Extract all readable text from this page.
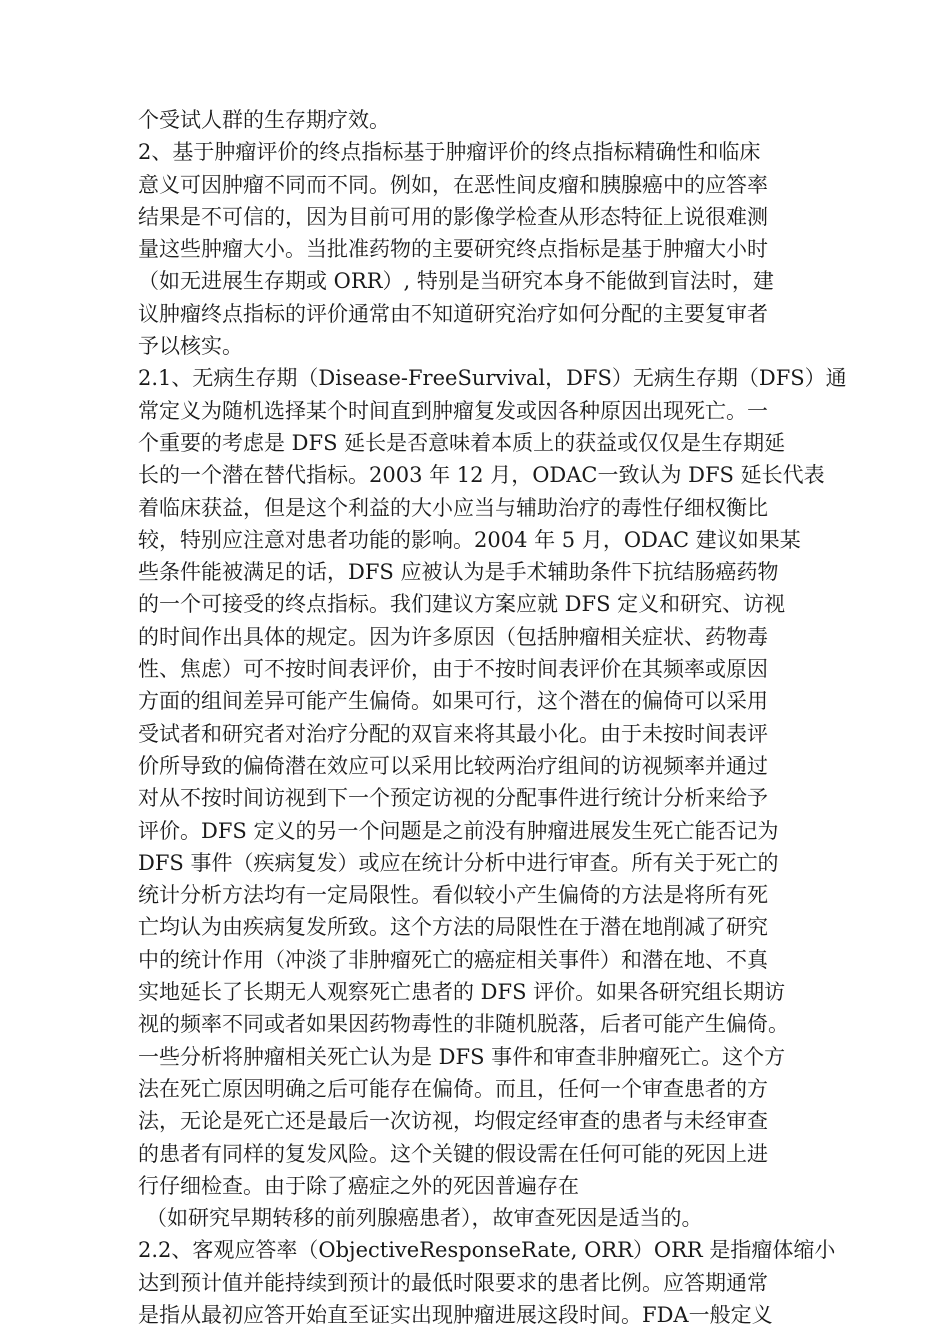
个受试人群的生存期疗效。
2、基于肿瘤评价的终点指标基于肿瘤评价的终点指标精确性和临床
意义可因肿瘤不同而不同。例如，在恶性间皮瘤和胰腺癌中的应答率
结果是不可信的，因为目前可用的影像学检查从形态特征上说很难测
量这些肿瘤大小。当批准药物的主要研究终点指标是基于肿瘤大小时
（如无进展生存期或 ORR）, 特别是当研究本身不能做到盲法时，建
议肿瘤终点指标的评价通常由不知道研究治疗如何分配的主要复审者
予以核实。
2.1、无病生存期（Disease-FreeSurvival，DFS）无病生存期（DFS）通
常定义为随机选择某个时间直到肿瘤复发或因各种原因出现死亡。一
个重要的考虑是 DFS 延长是否意味着本质上的获益或仅仅是生存期延
长的一个潜在替代指标。2003 年 12 月，ODAC一致认为 DFS 延长代表
着临床获益，但是这个利益的大小应当与辅助治疗的毒性仔细权衡比
较，特别应注意对患者功能的影响。2004 年 5 月，ODAC 建议如果某
些条件能被满足的话，DFS 应被认为是手术辅助条件下抗结肠癌药物
的一个可接受的终点指标。我们建议方案应就 DFS 定义和研究、访视
的时间作出具体的规定。因为许多原因（包括肿瘤相关症状、药物毒
性、焦虑）可不按时间表评价，由于不按时间表评价在其频率或原因
方面的组间差异可能产生偏倚。如果可行，这个潜在的偏倚可以采用
受试者和研究者对治疗分配的双盲来将其最小化。由于未按时间表评
价所导致的偏倚潜在效应可以采用比较两治疗组间的访视频率并通过
对从不按时间访视到下一个预定访视的分配事件进行统计分析来给予
评价。DFS 定义的另一个问题是之前没有肿瘤进展发生死亡能否记为
DFS 事件（疾病复发）或应在统计分析中进行审查。所有关于死亡的
统计分析方法均有一定局限性。看似较小产生偏倚的方法是将所有死
亡均认为由疾病复发所致。这个方法的局限性在于潜在地削减了研究
中的统计作用（冲淡了非肿瘤死亡的癌症相关事件）和潜在地、不真
实地延长了长期无人观察死亡患者的 DFS 评价。如果各研究组长期访
视的频率不同或者如果因药物毒性的非随机脱落，后者可能产生偏倚。
一些分析将肿瘤相关死亡认为是 DFS 事件和审查非肿瘤死亡。这个方
法在死亡原因明确之后可能存在偏倚。而且，任何一个审查患者的方
法，无论是死亡还是最后一次访视，均假定经审查的患者与未经审查
的患者有同样的复发风险。这个关键的假设需在任何可能的死因上进
行仔细检查。由于除了癌症之外的死因普遍存在
（如研究早期转移的前列腺癌患者），故审查死因是适当的。
2.2、客观应答率（ObjectiveResponseRate, ORR）ORR 是指瘤体缩小
达到预计值并能持续到预计的最低时限要求的患者比例。应答期通常
是指从最初应答开始直至证实出现肿瘤进展这段时间。FDA一般定义
